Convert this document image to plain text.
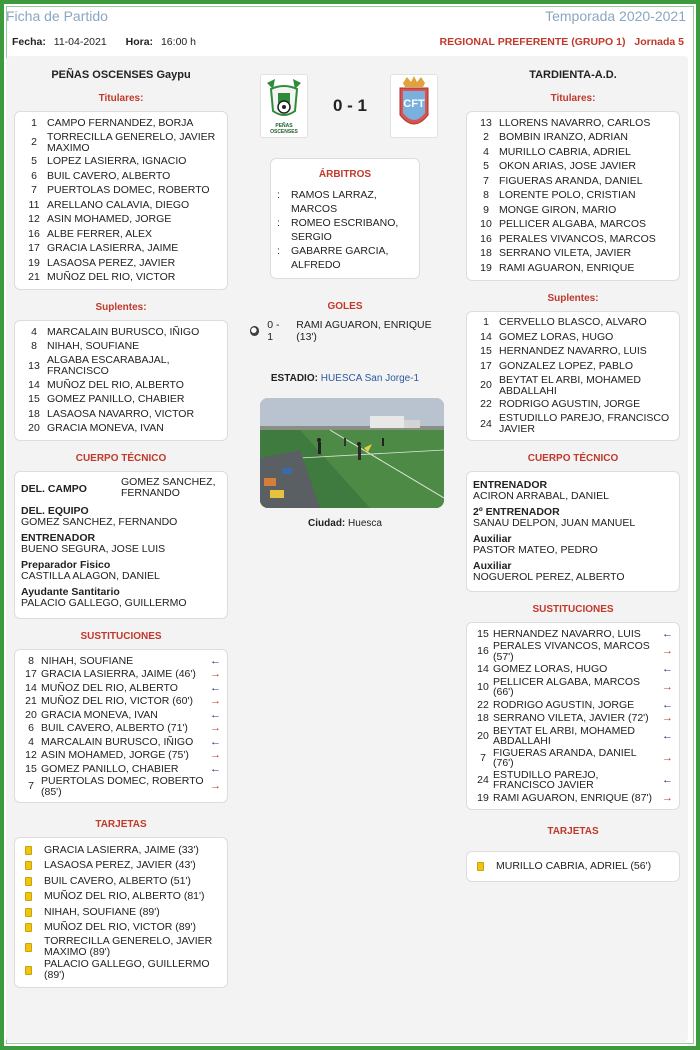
Ficha de Partido	Temporada 2020-2021
Fecha: 11-04-2021 Hora: 16:00 h	REGIONAL PREFERENTE (GRUPO 1) Jornada 5
PEÑAS OSCENSES Gaypu
Titulares:
1 CAMPO FERNANDEZ, BORJA
2 TORRECILLA GENERELO, JAVIER MAXIMO
5 LOPEZ LASIERRA, IGNACIO
6 BUIL CAVERO, ALBERTO
7 PUERTOLAS DOMEC, ROBERTO
11 ARELLANO CALAVIA, DIEGO
12 ASIN MOHAMED, JORGE
16 ALBE FERRER, ALEX
17 GRACIA LASIERRA, JAIME
19 LASAOSA PEREZ, JAVIER
21 MUÑOZ DEL RIO, VICTOR
Suplentes:
4 MARCALAIN BURUSCO, IÑIGO
8 NIHAH, SOUFIANE
13 ALGABA ESCARABAJAL, FRANCISCO
14 MUÑOZ DEL RIO, ALBERTO
15 GOMEZ PANILLO, CHABIER
18 LASAOSA NAVARRO, VICTOR
20 GRACIA MONEVA, IVAN
CUERPO TÉCNICO
DEL. CAMPO
GOMEZ SANCHEZ, FERNANDO
DEL. EQUIPO
GOMEZ SANCHEZ, FERNANDO
ENTRENADOR
BUENO SEGURA, JOSE LUIS
Preparador Fisico
CASTILLA ALAGON, DANIEL
Ayudante Santitario
PALACIO GALLEGO, GUILLERMO
SUSTITUCIONES
8 NIHAH, SOUFIANE	←
17 GRACIA LASIERRA, JAIME (46')	→
14 MUÑOZ DEL RIO, ALBERTO	←
21 MUÑOZ DEL RIO, VICTOR (60')	→
20 GRACIA MONEVA, IVAN	←
6 BUIL CAVERO, ALBERTO (71')	→
4 MARCALAIN BURUSCO, IÑIGO	←
12 ASIN MOHAMED, JORGE (75')	→
15 GOMEZ PANILLO, CHABIER	←
7 PUERTOLAS DOMEC, ROBERTO (85')	→
TARJETAS
GRACIA LASIERRA, JAIME (33')
LASAOSA PEREZ, JAVIER (43')
BUIL CAVERO, ALBERTO (51')
MUÑOZ DEL RIO, ALBERTO (81')
NIHAH, SOUFIANE (89')
MUÑOZ DEL RIO, VICTOR (89')
TORRECILLA GENERELO, JAVIER MAXIMO (89')
PALACIO GALLEGO, GUILLERMO (89')
PEÑAS OSCENSES
0 - 1	CFT
ÁRBITROS
:	RAMOS LARRAZ, MARCOS
:	ROMEO ESCRIBANO, SERGIO
:	GABARRE GARCIA, ALFREDO
GOLES
0 - 1
RAMI AGUARON, ENRIQUE (13')
ESTADIO: HUESCA San Jorge-1
Ciudad: Huesca
TARDIENTA-A.D.
Titulares:
13 LLORENS NAVARRO, CARLOS
2 BOMBIN IRANZO, ADRIAN
4 MURILLO CABRIA, ADRIEL
5 OKON ARIAS, JOSE JAVIER
7 FIGUERAS ARANDA, DANIEL
8 LORENTE POLO, CRISTIAN
9 MONGE GIRON, MARIO
10 PELLICER ALGABA, MARCOS
16 PERALES VIVANCOS, MARCOS
18 SERRANO VILETA, JAVIER
19 RAMI AGUARON, ENRIQUE
Suplentes:
1 CERVELLO BLASCO, ALVARO
14 GOMEZ LORAS, HUGO
15 HERNANDEZ NAVARRO, LUIS
17 GONZALEZ LOPEZ, PABLO
20 BEYTAT EL ARBI, MOHAMED ABDALLAHI
22 RODRIGO AGUSTIN, JORGE
24 ESTUDILLO PAREJO, FRANCISCO JAVIER
CUERPO TÉCNICO
ENTRENADOR
ACIRON ARRABAL, DANIEL
2º ENTRENADOR
SANAU DELPON, JUAN MANUEL
Auxiliar
PASTOR MATEO, PEDRO
Auxiliar
NOGUEROL PEREZ, ALBERTO
SUSTITUCIONES
15 HERNANDEZ NAVARRO, LUIS	←
16 PERALES VIVANCOS, MARCOS (57')	→
14 GOMEZ LORAS, HUGO	←
10 PELLICER ALGABA, MARCOS (66')	→
22 RODRIGO AGUSTIN, JORGE	←
18 SERRANO VILETA, JAVIER (72')	→
20 BEYTAT EL ARBI, MOHAMED ABDALLAHI	←
7 FIGUERAS ARANDA, DANIEL (76')	→
24 ESTUDILLO PAREJO, FRANCISCO JAVIER	←
19 RAMI AGUARON, ENRIQUE (87') →
TARJETAS
MURILLO CABRIA, ADRIEL (56')
